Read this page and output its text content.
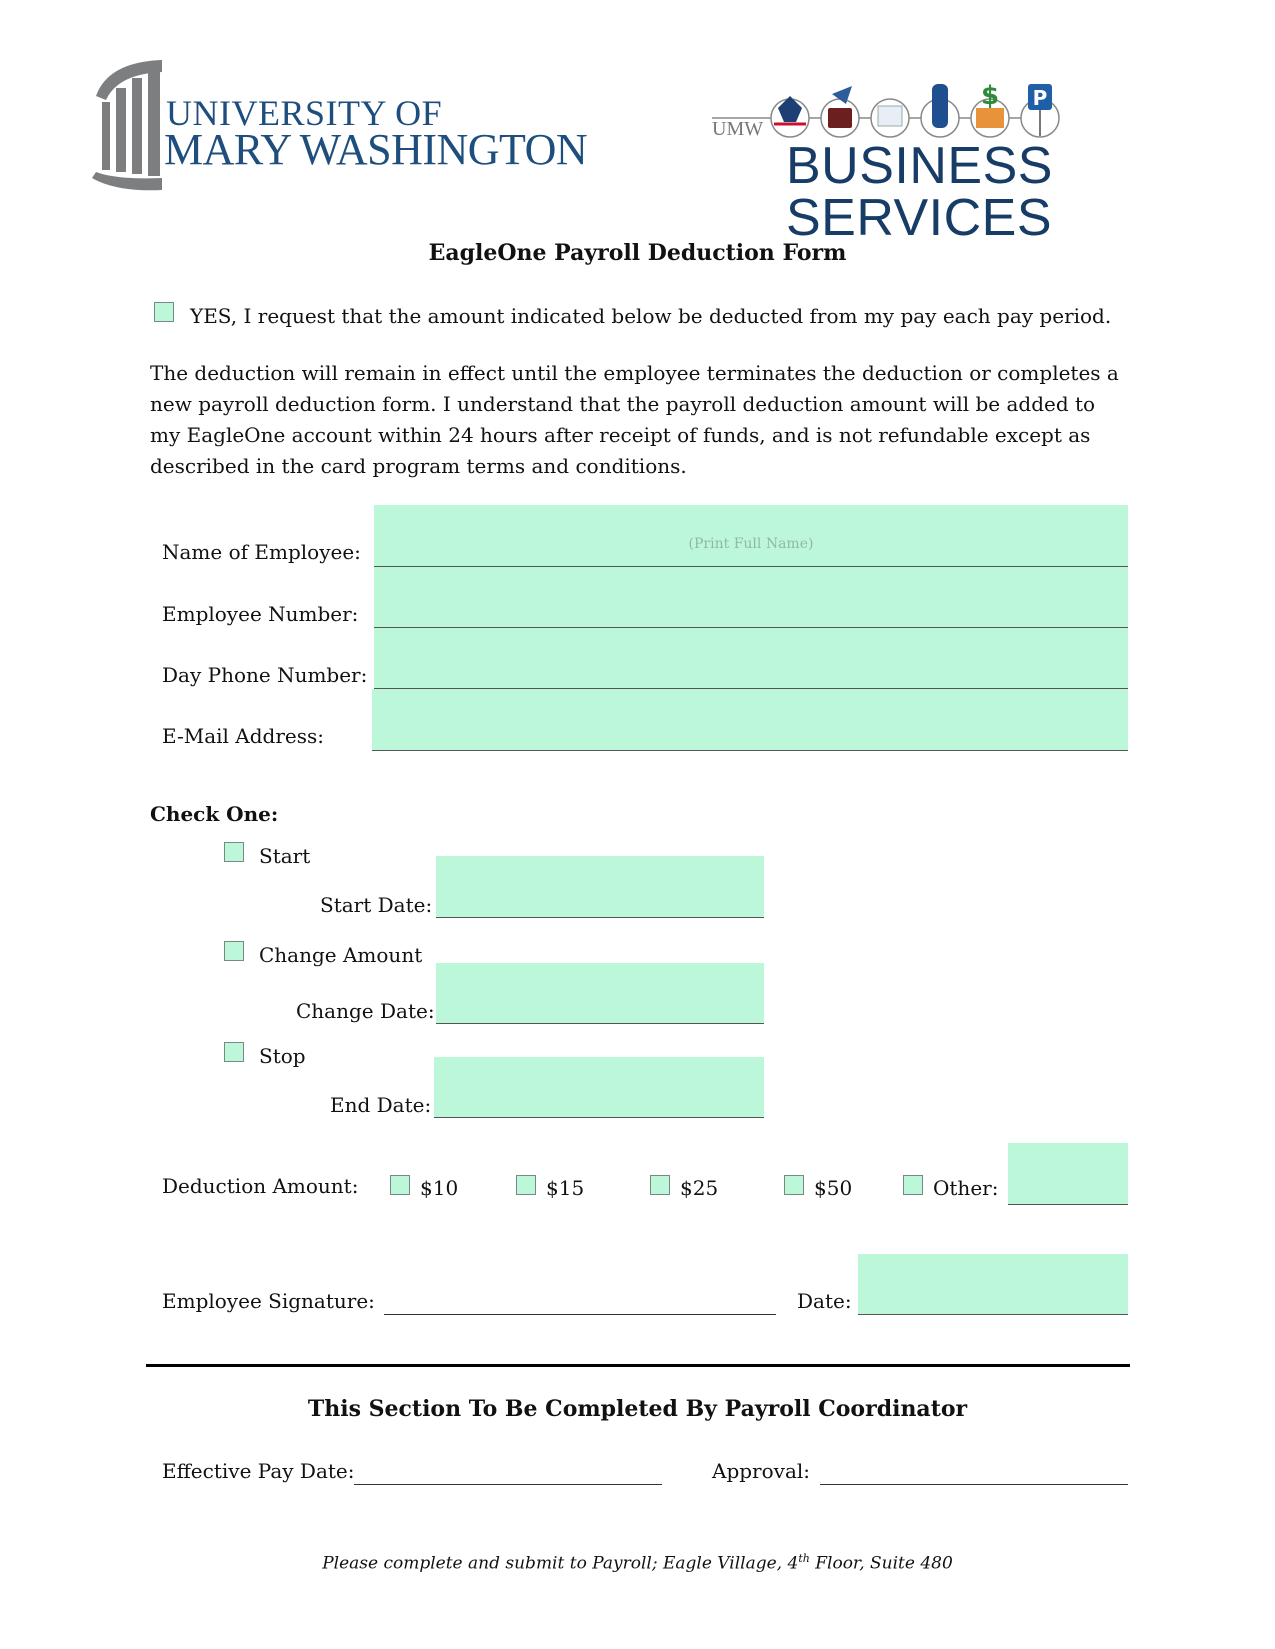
UNIVERSITY OF
MARY WASHINGTON	UMW
$ P
BUSINESS SERVICES
EagleOne Payroll Deduction Form
YES, I request that the amount indicated below be deducted from my pay each pay period.
The deduction will remain in effect until the employee terminates the deduction or completes a new payroll deduction form. I understand that the payroll deduction amount will be added to my EagleOne account within 24 hours after receipt of funds, and is not refundable except as described in the card program terms and conditions.
Name of Employee:	(Print Full Name)
Employee Number:
Day Phone Number:
E-Mail Address:
Check One:
Start
Start Date:
Change Amount
Change Date:
Stop
End Date:
Deduction Amount:	$10	$15	$25	$50	Other:
Employee Signature:	Date:
This Section To Be Completed By Payroll Coordinator
Effective Pay Date:	Approval:
Please complete and submit to Payroll; Eagle Village, 4th Floor, Suite 480
